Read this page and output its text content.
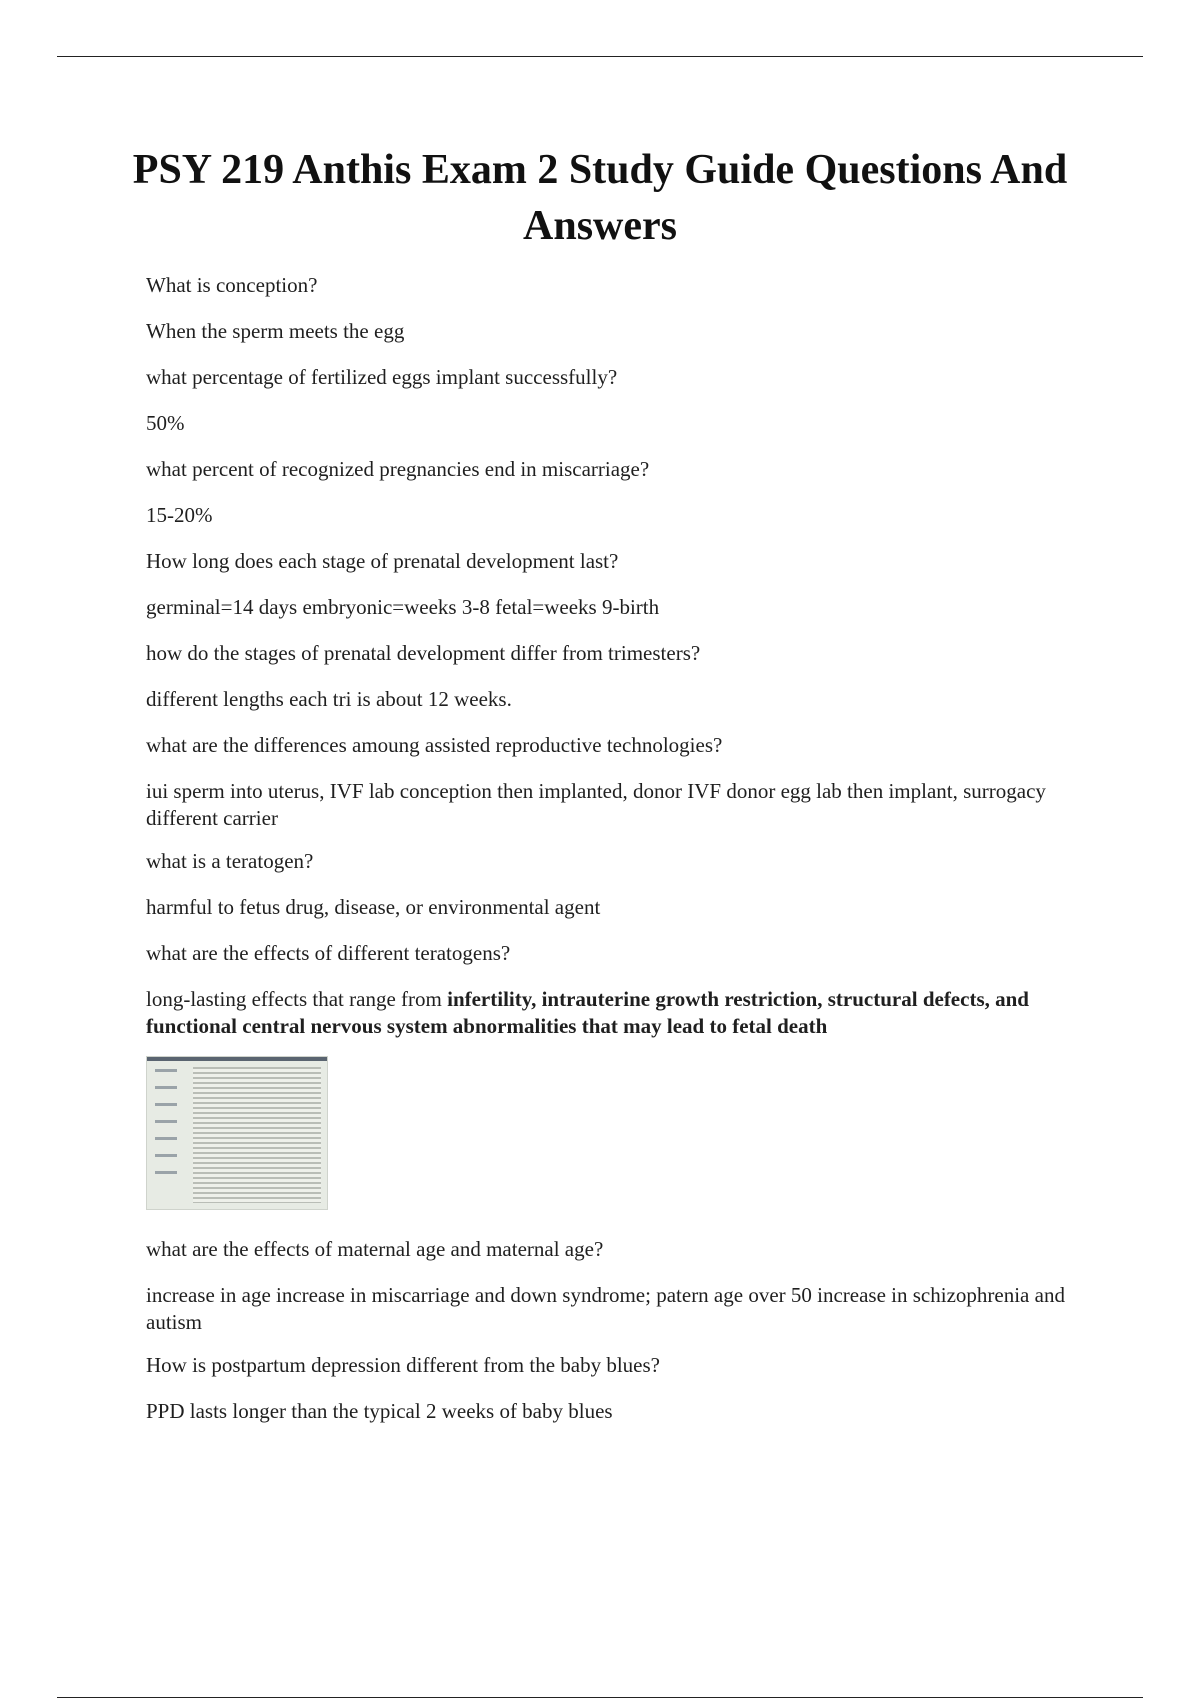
PSY 219 Anthis Exam 2 Study Guide Questions And Answers

What is conception?

When the sperm meets the egg

what percentage of fertilized eggs implant successfully?

50%

what percent of recognized pregnancies end in miscarriage?

15-20%

How long does each stage of prenatal development last?

germinal=14 days embryonic=weeks 3-8 fetal=weeks 9-birth

how do the stages of prenatal development differ from trimesters?

different lengths each tri is about 12 weeks.

what are the differences amoung assisted reproductive technologies?

iui sperm into uterus, IVF lab conception then implanted, donor IVF donor egg lab then implant, surrogacy different carrier

what is a teratogen?

harmful to fetus drug, disease, or environmental agent

what are the effects of different teratogens?

long-lasting effects that range from infertility, intrauterine growth restriction, structural defects, and functional central nervous system abnormalities that may lead to fetal death

what are the effects of maternal age and maternal age?

increase in age increase in miscarriage and down syndrome; patern age over 50 increase in schizophrenia and autism

How is postpartum depression different from the baby blues?

PPD lasts longer than the typical 2 weeks of baby blues
